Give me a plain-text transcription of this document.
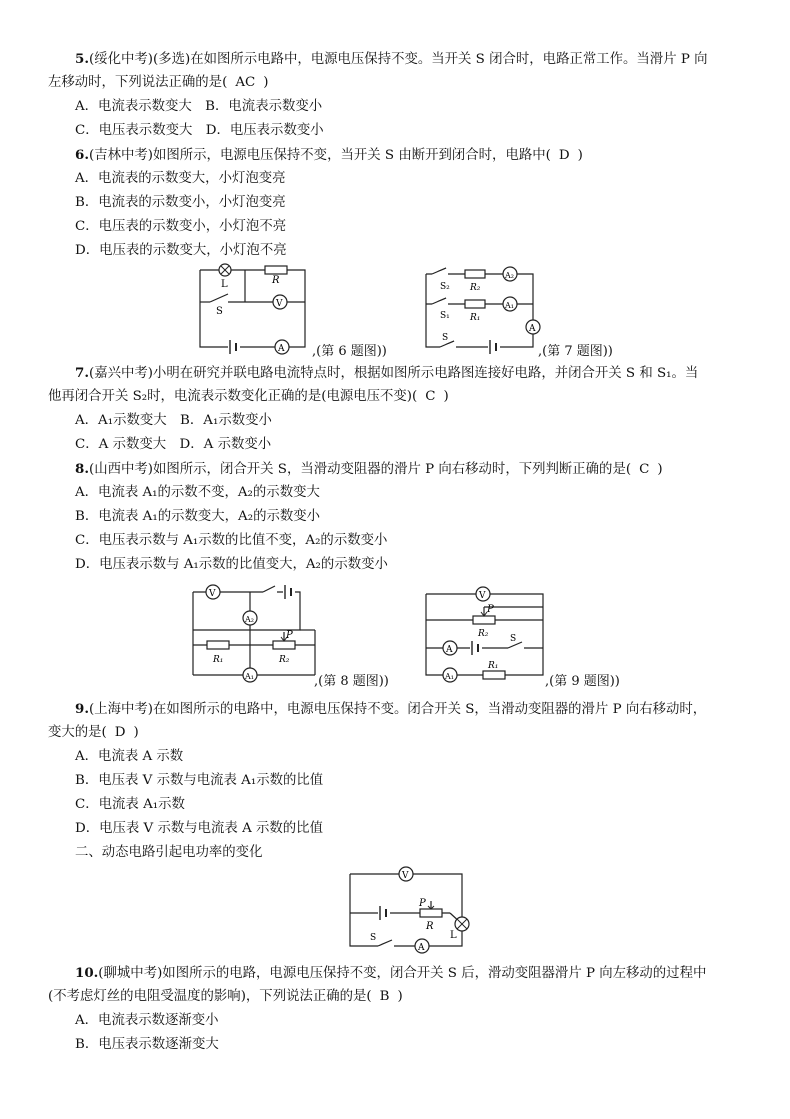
5.(绥化中考)(多选)在如图所示电路中，电源电压保持不变。当开关 S 闭合时，电路正常工作。当滑片 P 向
左移动时，下列说法正确的是( AC )
A．电流表示数变大　B．电流表示数变小
C．电压表示数变大　D．电压表示数变小
6.(吉林中考)如图所示，电源电压保持不变，当开关 S 由断开到闭合时，电路中( D )
A．电流表的示数变大，小灯泡变亮
B．电流表的示数变小，小灯泡变亮
C．电压表的示数变小，小灯泡不亮
D．电压表的示数变大，小灯泡不亮
L	R
S
V
A ,(第 6 题图))
S₂ R₂
A₂
S₁ R₁
A₁
A
S
,(第 7 题图))
7.(嘉兴中考)小明在研究并联电路电流特点时，根据如图所示电路图连接好电路，并闭合开关 S 和 S₁。当
他再闭合开关 S₂时，电流表示数变化正确的是(电源电压不变)( C )
A．A₁示数变大　B．A₁示数变小
C．A 示数变大　D．A 示数变小
8.(山西中考)如图所示，闭合开关 S，当滑动变阻器的滑片 P 向右移动时，下列判断正确的是( C )
A．电流表 A₁的示数不变，A₂的示数变大
B．电流表 A₁的示数变大，A₂的示数变小
C．电压表示数与 A₁示数的比值不变，A₂的示数变小
D．电压表示数与 A₁示数的比值变大，A₂的示数变小
V
A₂
P
R₁	R₂
A₁	,(第 8 题图))
V
P
R₂
A
S
A₁
R₁
,(第 9 题图))
9.(上海中考)在如图所示的电路中，电源电压保持不变。闭合开关 S，当滑动变阻器的滑片 P 向右移动时，
变大的是( D )
A．电流表 A 示数
B．电压表 V 示数与电流表 A₁示数的比值
C．电流表 A₁示数
D．电压表 V 示数与电流表 A 示数的比值
二、动态电路引起电功率的变化
V
P
R
L
S
A
10.(聊城中考)如图所示的电路，电源电压保持不变，闭合开关 S 后，滑动变阻器滑片 P 向左移动的过程中
(不考虑灯丝的电阻受温度的影响)，下列说法正确的是( B )
A．电流表示数逐渐变小
B．电压表示数逐渐变大
